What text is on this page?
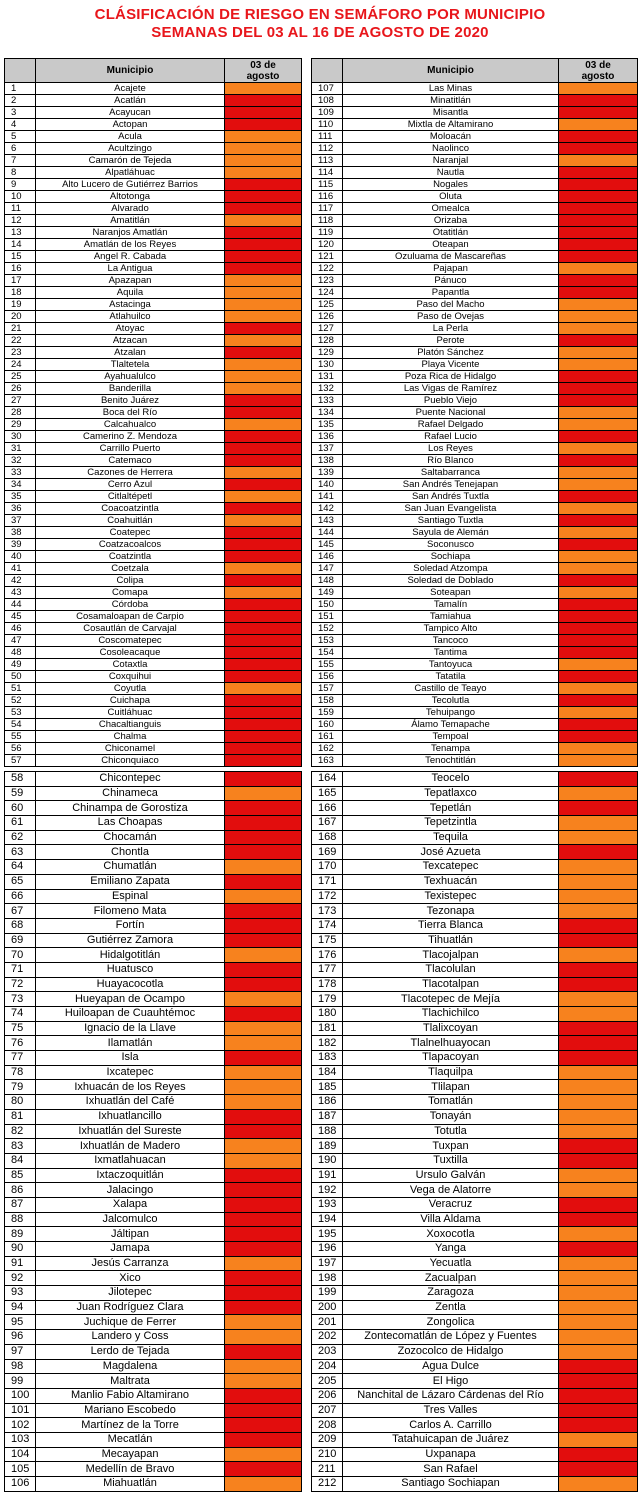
CLÁSIFICACIÓN DE RIESGO EN SEMÁFORO POR MUNICIPIO
SEMANAS DEL 03 AL 16 DE AGOSTO DE 2020
	Municipio	03 de
agosto
1	Acajete	
2	Acatlán	
3	Acayucan	
4	Actopan	
5	Acula	
6	Acultzingo	
7	Camarón de Tejeda	
8	Alpatláhuac	
9	Alto Lucero de Gutiérrez Barrios	
10	Altotonga	
11	Alvarado	
12	Amatitlán	
13	Naranjos Amatlán	
14	Amatlán de los Reyes	
15	Angel R. Cabada	
16	La Antigua	
17	Apazapan	
18	Aquila	
19	Astacinga	
20	Atlahuilco	
21	Atoyac	
22	Atzacan	
23	Atzalan	
24	Tlaltetela	
25	Ayahualulco	
26	Banderilla	
27	Benito Juárez	
28	Boca del Río	
29	Calcahualco	
30	Camerino Z. Mendoza	
31	Carrillo Puerto	
32	Catemaco	
33	Cazones de Herrera	
34	Cerro Azul	
35	Citlaltépetl	
36	Coacoatzintla	
37	Coahuitlán	
38	Coatepec	
39	Coatzacoalcos	
40	Coatzintla	
41	Coetzala	
42	Colipa	
43	Comapa	
44	Córdoba	
45	Cosamaloapan de Carpio	
46	Cosautlán de Carvajal	
47	Coscomatepec	
48	Cosoleacaque	
49	Cotaxtla	
50	Coxquihui	
51	Coyutla	
52	Cuichapa	
53	Cuitláhuac	
54	Chacaltianguis	
55	Chalma	
56	Chiconamel	
57	Chiconquiaco	
	Municipio	03 de
agosto
107	Las Minas	
108	Minatitlán	
109	Misantla	
110	Mixtla de Altamirano	
111	Moloacán	
112	Naolinco	
113	Naranjal	
114	Nautla	
115	Nogales	
116	Oluta	
117	Omealca	
118	Orizaba	
119	Otatitlán	
120	Oteapan	
121	Ozuluama de Mascareñas	
122	Pajapan	
123	Pánuco	
124	Papantla	
125	Paso del Macho	
126	Paso de Ovejas	
127	La Perla	
128	Perote	
129	Platón Sánchez	
130	Playa Vicente	
131	Poza Rica de Hidalgo	
132	Las Vigas de Ramírez	
133	Pueblo Viejo	
134	Puente Nacional	
135	Rafael Delgado	
136	Rafael Lucio	
137	Los Reyes	
138	Río Blanco	
139	Saltabarranca	
140	San Andrés Tenejapan	
141	San Andrés Tuxtla	
142	San Juan Evangelista	
143	Santiago Tuxtla	
144	Sayula de Alemán	
145	Soconusco	
146	Sochiapa	
147	Soledad Atzompa	
148	Soledad de Doblado	
149	Soteapan	
150	Tamalín	
151	Tamiahua	
152	Tampico Alto	
153	Tancoco	
154	Tantima	
155	Tantoyuca	
156	Tatatila	
157	Castillo de Teayo	
158	Tecolutla	
159	Tehuipango	
160	Álamo Temapache	
161	Tempoal	
162	Tenampa	
163	Tenochtitlán	
58	Chicontepec	
59	Chinameca	
60	Chinampa de Gorostiza	
61	Las Choapas	
62	Chocamán	
63	Chontla	
64	Chumatlán	
65	Emiliano Zapata	
66	Espinal	
67	Filomeno Mata	
68	Fortín	
69	Gutiérrez Zamora	
70	Hidalgotitlán	
71	Huatusco	
72	Huayacocotla	
73	Hueyapan de Ocampo	
74	Huiloapan de Cuauhtémoc	
75	Ignacio de la Llave	
76	Ilamatlán	
77	Isla	
78	Ixcatepec	
79	Ixhuacán de los Reyes	
80	Ixhuatlán del Café	
81	Ixhuatlancillo	
82	Ixhuatlán del Sureste	
83	Ixhuatlán de Madero	
84	Ixmatlahuacan	
85	Ixtaczoquitlán	
86	Jalacingo	
87	Xalapa	
88	Jalcomulco	
89	Jáltipan	
90	Jamapa	
91	Jesús Carranza	
92	Xico	
93	Jilotepec	
94	Juan Rodríguez Clara	
95	Juchique de Ferrer	
96	Landero y Coss	
97	Lerdo de Tejada	
98	Magdalena	
99	Maltrata	
100	Manlio Fabio Altamirano	
101	Mariano Escobedo	
102	Martínez de la Torre	
103	Mecatlán	
104	Mecayapan	
105	Medellín de Bravo	
106	Miahuatlán	
164	Teocelo	
165	Tepatlaxco	
166	Tepetlán	
167	Tepetzintla	
168	Tequila	
169	José Azueta	
170	Texcatepec	
171	Texhuacán	
172	Texistepec	
173	Tezonapa	
174	Tierra Blanca	
175	Tihuatlán	
176	Tlacojalpan	
177	Tlacolulan	
178	Tlacotalpan	
179	Tlacotepec de Mejía	
180	Tlachichilco	
181	Tlalixcoyan	
182	Tlalnelhuayocan	
183	Tlapacoyan	
184	Tlaquilpa	
185	Tlilapan	
186	Tomatlán	
187	Tonayán	
188	Totutla	
189	Tuxpan	
190	Tuxtilla	
191	Ursulo Galván	
192	Vega de Alatorre	
193	Veracruz	
194	Villa Aldama	
195	Xoxocotla	
196	Yanga	
197	Yecuatla	
198	Zacualpan	
199	Zaragoza	
200	Zentla	
201	Zongolica	
202	Zontecomatlán de López y Fuentes	
203	Zozocolco de Hidalgo	
204	Agua Dulce	
205	El Higo	
206	Nanchital de Lázaro Cárdenas del Río	
207	Tres Valles	
208	Carlos A. Carrillo	
209	Tatahuicapan de Juárez	
210	Uxpanapa	
211	San Rafael	
212	Santiago Sochiapan	
